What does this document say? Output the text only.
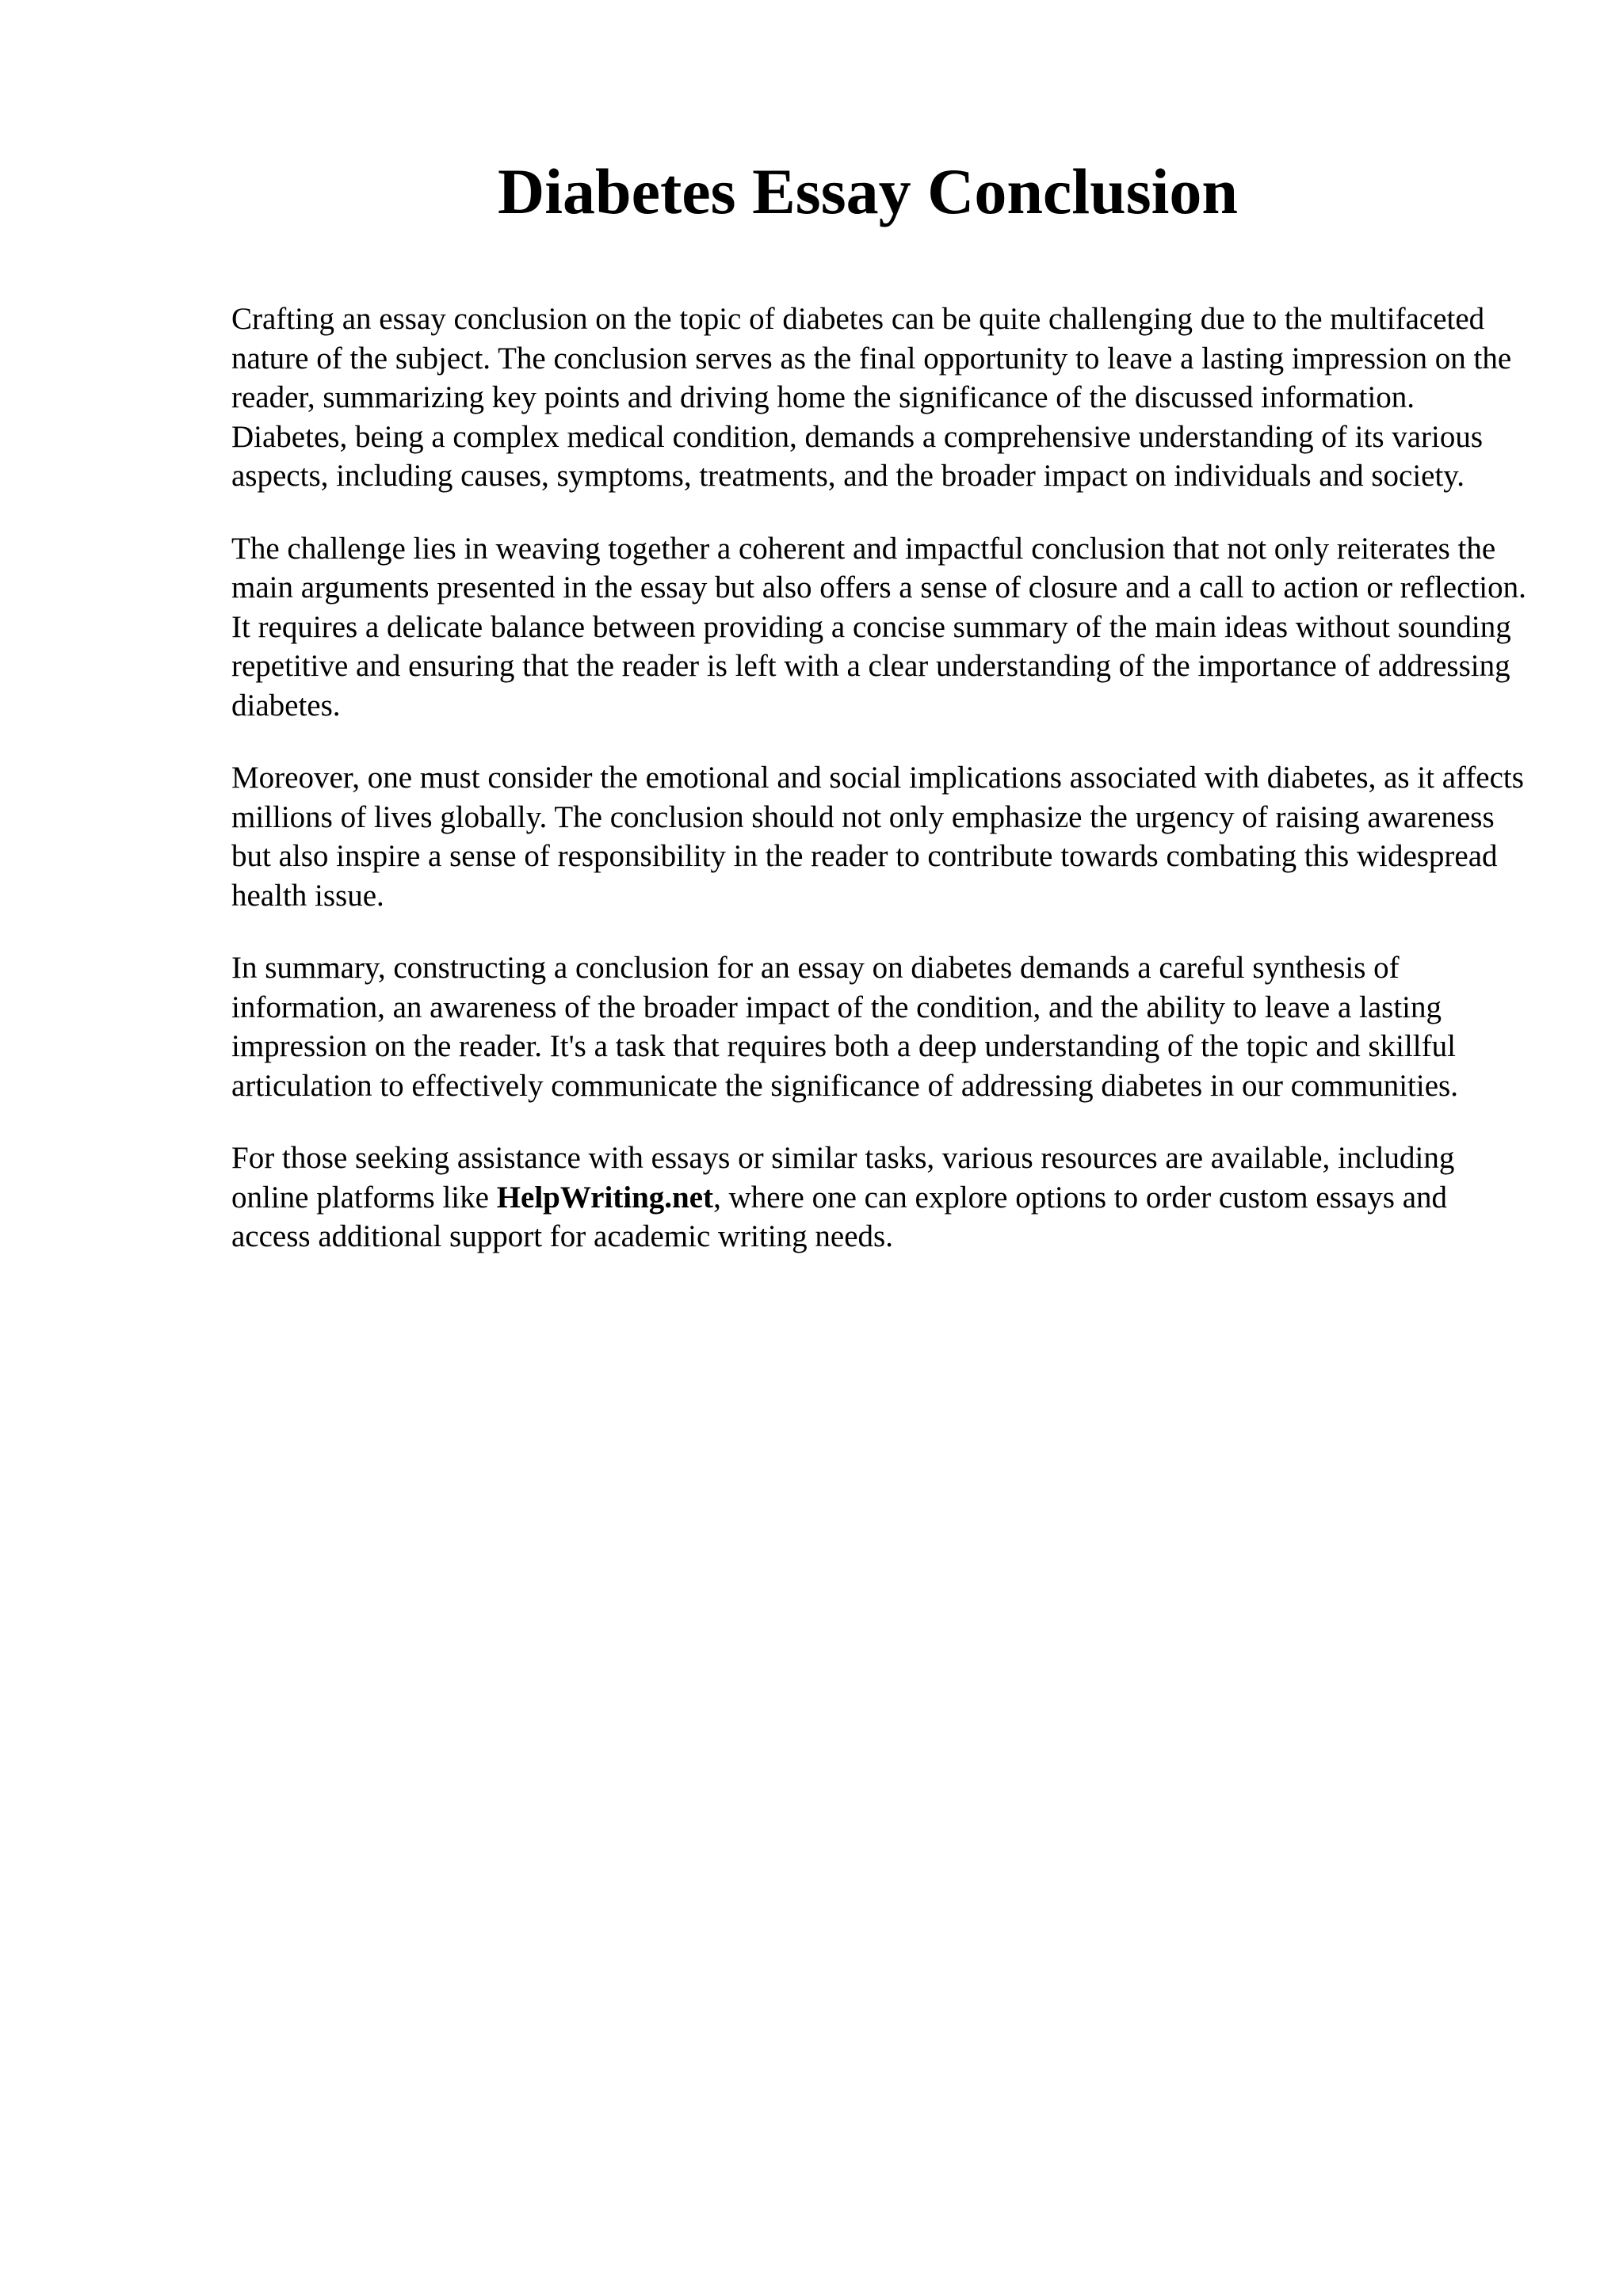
Diabetes Essay Conclusion

Crafting an essay conclusion on the topic of diabetes can be quite challenging due to the multifaceted nature of the subject. The conclusion serves as the final opportunity to leave a lasting impression on the reader, summarizing key points and driving home the significance of the discussed information. Diabetes, being a complex medical condition, demands a comprehensive understanding of its various aspects, including causes, symptoms, treatments, and the broader impact on individuals and society.

The challenge lies in weaving together a coherent and impactful conclusion that not only reiterates the main arguments presented in the essay but also offers a sense of closure and a call to action or reflection. It requires a delicate balance between providing a concise summary of the main ideas without sounding repetitive and ensuring that the reader is left with a clear understanding of the importance of addressing diabetes.

Moreover, one must consider the emotional and social implications associated with diabetes, as it affects millions of lives globally. The conclusion should not only emphasize the urgency of raising awareness but also inspire a sense of responsibility in the reader to contribute towards combating this widespread health issue.

In summary, constructing a conclusion for an essay on diabetes demands a careful synthesis of information, an awareness of the broader impact of the condition, and the ability to leave a lasting impression on the reader. It's a task that requires both a deep understanding of the topic and skillful articulation to effectively communicate the significance of addressing diabetes in our communities.

For those seeking assistance with essays or similar tasks, various resources are available, including online platforms like HelpWriting.net, where one can explore options to order custom essays and access additional support for academic writing needs.
